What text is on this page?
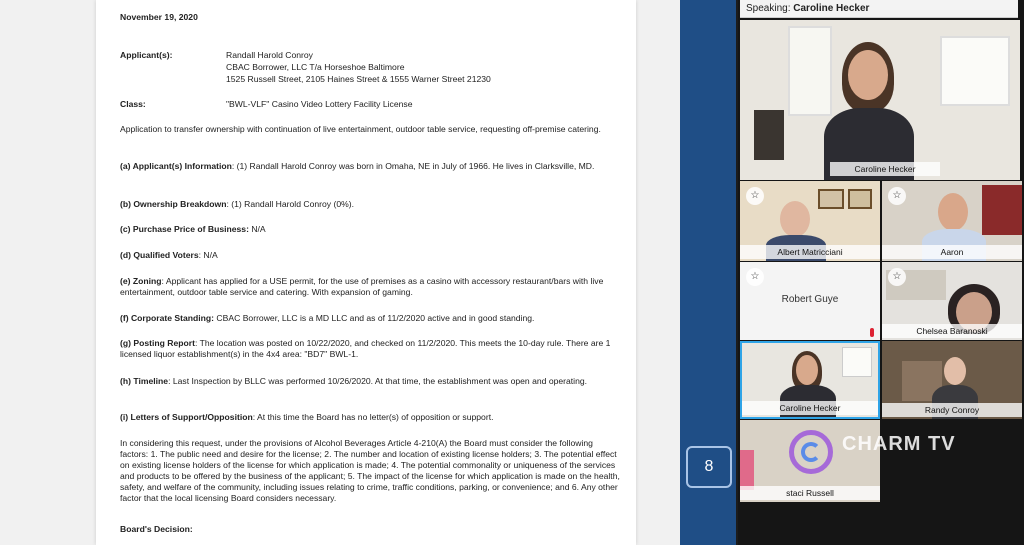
November 19, 2020
Applicant(s):	Randall Harold Conroy
CBAC Borrower, LLC T/a Horseshoe Baltimore
1525 Russell Street, 2105 Haines Street & 1555 Warner Street 21230
Class:	"BWL-VLF" Casino Video Lottery Facility License
Application to transfer ownership with continuation of live entertainment, outdoor table service, requesting off-premise catering.
(a) Applicant(s) Information: (1) Randall Harold Conroy was born in Omaha, NE in July of 1966. He lives in Clarksville, MD.
(b) Ownership Breakdown: (1) Randall Harold Conroy (0%).
(c) Purchase Price of Business: N/A
(d) Qualified Voters: N/A
(e) Zoning: Applicant has applied for a USE permit, for the use of premises as a casino with accessory restaurant/bars with live entertainment, outdoor table service and catering. With expansion of gaming.
(f) Corporate Standing: CBAC Borrower, LLC is a MD LLC and as of 11/2/2020 active and in good standing.
(g) Posting Report: The location was posted on 10/22/2020, and checked on 11/2/2020. This meets the 10-day rule. There are 1 licensed liquor establishment(s) in the 4x4 area: "BD7" BWL-1.
(h) Timeline: Last Inspection by BLLC was performed 10/26/2020. At that time, the establishment was open and operating.
(i) Letters of Support/Opposition: At this time the Board has no letter(s) of opposition or support.
In considering this request, under the provisions of Alcohol Beverages Article 4-210(A) the Board must consider the following factors: 1. The public need and desire for the license; 2. The number and location of existing license holders; 3. The potential effect on existing license holders of the license for which application is made; 4. The potential commonality or uniqueness of the services and products to be offered by the business of the applicant; 5. The impact of the license for which application is made on the health, safety, and welfare of the community, including issues relating to crime, traffic conditions, parking, or convenience; and 6. Any other factor that the local licensing Board considers necessary.
Board's Decision:
8
Speaking: Caroline Hecker
Caroline Hecker
☆
Albert Matricciani
☆
Aaron
☆
Robert Guye
☆
Chelsea Baranoski
Caroline Hecker	Randy Conroy
staci Russell
CHARM TV
